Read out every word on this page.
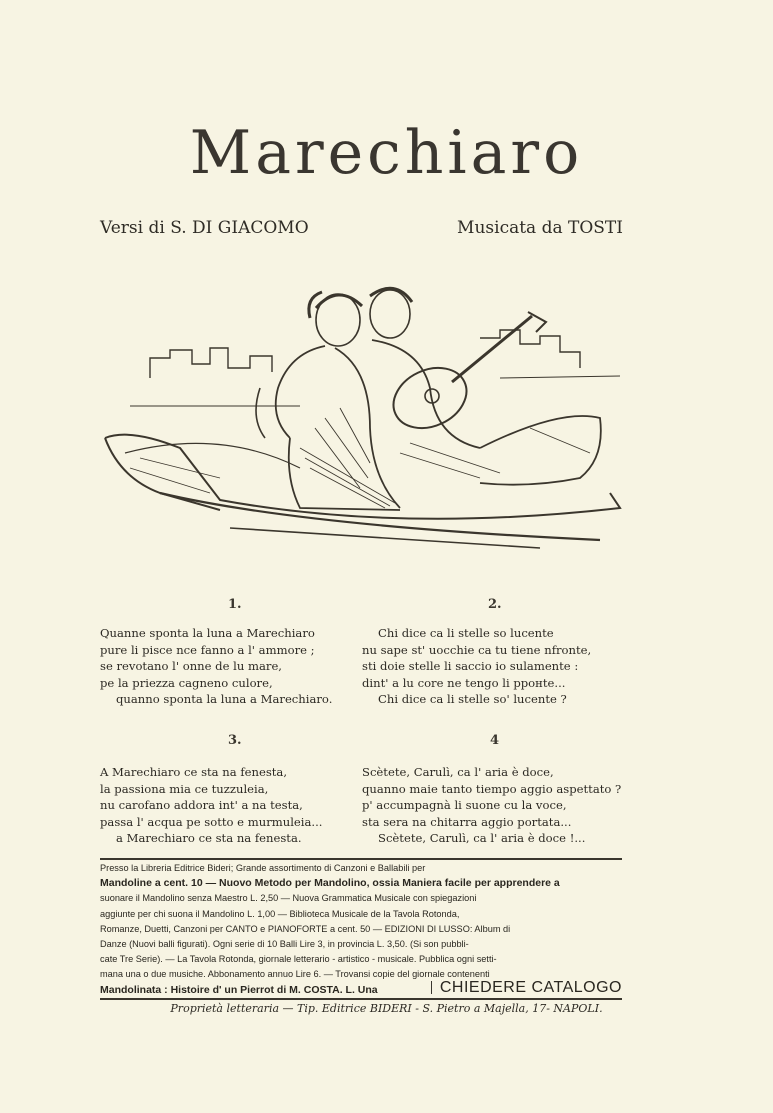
Marechiaro
Versi di S. DI GIACOMO	Musicata da TOSTI
1.
Quanne sponta la luna a Marechiaro
pure li pisce nce fanno a l' ammore ;
se revotano l' onne de lu mare,
pe la priezza cagneno culore,
quanno sponta la luna a Marechiaro.
2.
Chi dice ca li stelle so lucente
nu sape st' uocchie ca tu tiene nfronte,
sti doie stelle li saccio io sulamente :
dint' a lu core ne tengo li ppонte...
Chi dice ca li stelle so' lucente ?
3.
A Marechiaro ce sta na fenesta,
la passiona mia ce tuzzuleia,
nu carofano addora int' a na testa,
passa l' acqua pe sotto e murmuleia...
a Marechiaro ce sta na fenesta.
4
Scètete, Carulì, ca l' aria è doce,
quanno maie tanto tiempo aggio aspettato ?
p' accumpagnà li suone cu la voce,
sta sera na chitarra aggio portata...
Scètete, Carulì, ca l' aria è doce !...
Presso la Libreria Editrice Bideri; Grande assortimento di Canzoni e Ballabili per
Mandoline a cent. 10 — Nuovo Metodo per Mandolino, ossia Maniera facile per apprendere a
suonare il Mandolino senza Maestro L. 2,50 — Nuova Grammatica Musicale con spiegazioni
aggiunte per chi suona il Mandolino L. 1,00 — Biblioteca Musicale de la Tavola Rotonda,
Romanze, Duetti, Canzoni per CANTO e PIANOFORTE a cent. 50 — EDIZIONI DI LUSSO: Album di
Danze (Nuovi balli figurati). Ogni serie di 10 Balli Lire 3, in provincia L. 3,50. (Si son pubbli-
cate Tre Serie). — La Tavola Rotonda, giornale letterario - artistico - musicale. Pubblica ogni setti-
mana una o due musiche. Abbonamento annuo Lire 6. — Trovansi copie del giornale contenenti
Mandolinata : Histoire d' un Pierrot di M. COSTA. L. Una	CHIEDERE CATALOGO
Proprietà letteraria — Tip. Editrice BIDERI - S. Pietro a Majella, 17- NAPOLI.
